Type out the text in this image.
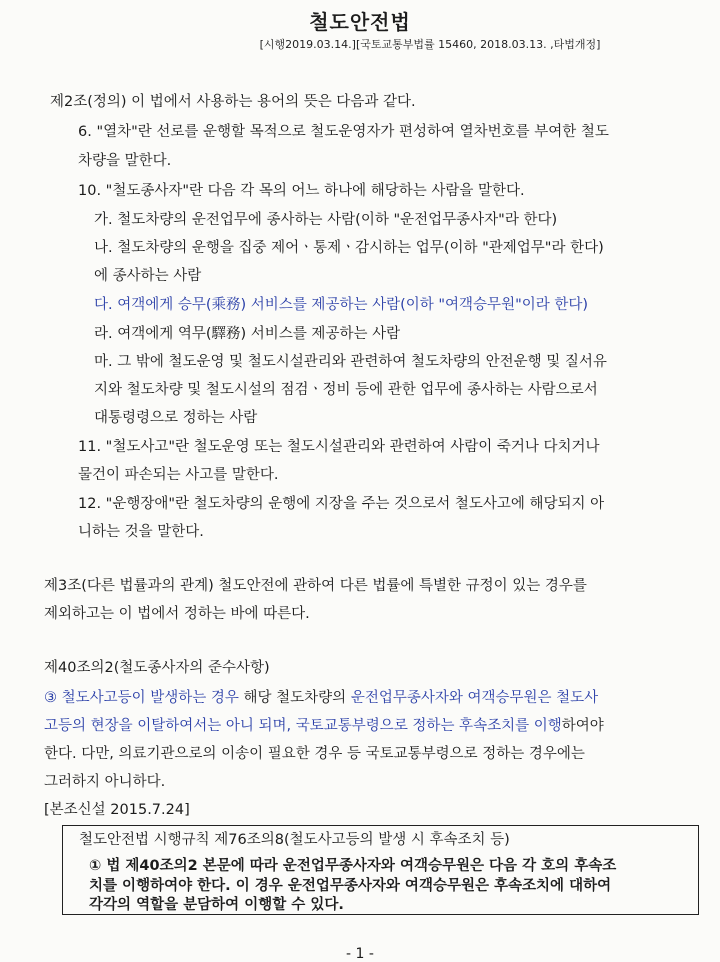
철도안전법
[시행2019.03.14.][국토교통부법률 15460, 2018.03.13. ,타법개정]
제2조(정의) 이 법에서 사용하는 용어의 뜻은 다음과 같다.
6. "열차"란 선로를 운행할 목적으로 철도운영자가 편성하여 열차번호를 부여한 철도
차량을 말한다.
10. "철도종사자"란 다음 각 목의 어느 하나에 해당하는 사람을 말한다.
가. 철도차량의 운전업무에 종사하는 사람(이하 "운전업무종사자"라 한다)
나. 철도차량의 운행을 집중 제어ㆍ통제ㆍ감시하는 업무(이하 "관제업무"라 한다)
에 종사하는 사람
다. 여객에게 승무(乘務) 서비스를 제공하는 사람(이하 "여객승무원"이라 한다)
라. 여객에게 역무(驛務) 서비스를 제공하는 사람
마. 그 밖에 철도운영 및 철도시설관리와 관련하여 철도차량의 안전운행 및 질서유
지와 철도차량 및 철도시설의 점검ㆍ정비 등에 관한 업무에 종사하는 사람으로서
대통령령으로 정하는 사람
11. "철도사고"란 철도운영 또는 철도시설관리와 관련하여 사람이 죽거나 다치거나
물건이 파손되는 사고를 말한다.
12. "운행장애"란 철도차량의 운행에 지장을 주는 것으로서 철도사고에 해당되지 아
니하는 것을 말한다.
제3조(다른 법률과의 관계) 철도안전에 관하여 다른 법률에 특별한 규정이 있는 경우를
제외하고는 이 법에서 정하는 바에 따른다.
제40조의2(철도종사자의 준수사항)
③ 철도사고등이 발생하는 경우 해당 철도차량의 운전업무종사자와 여객승무원은 철도사
고등의 현장을 이탈하여서는 아니 되며, 국토교통부령으로 정하는 후속조치를 이행하여야
한다. 다만, 의료기관으로의 이송이 필요한 경우 등 국토교통부령으로 정하는 경우에는
그러하지 아니하다.
[본조신설 2015.7.24]
철도안전법 시행규칙 제76조의8(철도사고등의 발생 시 후속조치 등)
① 법 제40조의2 본문에 따라 운전업무종사자와 여객승무원은 다음 각 호의 후속조
치를 이행하여야 한다. 이 경우 운전업무종사자와 여객승무원은 후속조치에 대하여
각각의 역할을 분담하여 이행할 수 있다.
- 1 -
